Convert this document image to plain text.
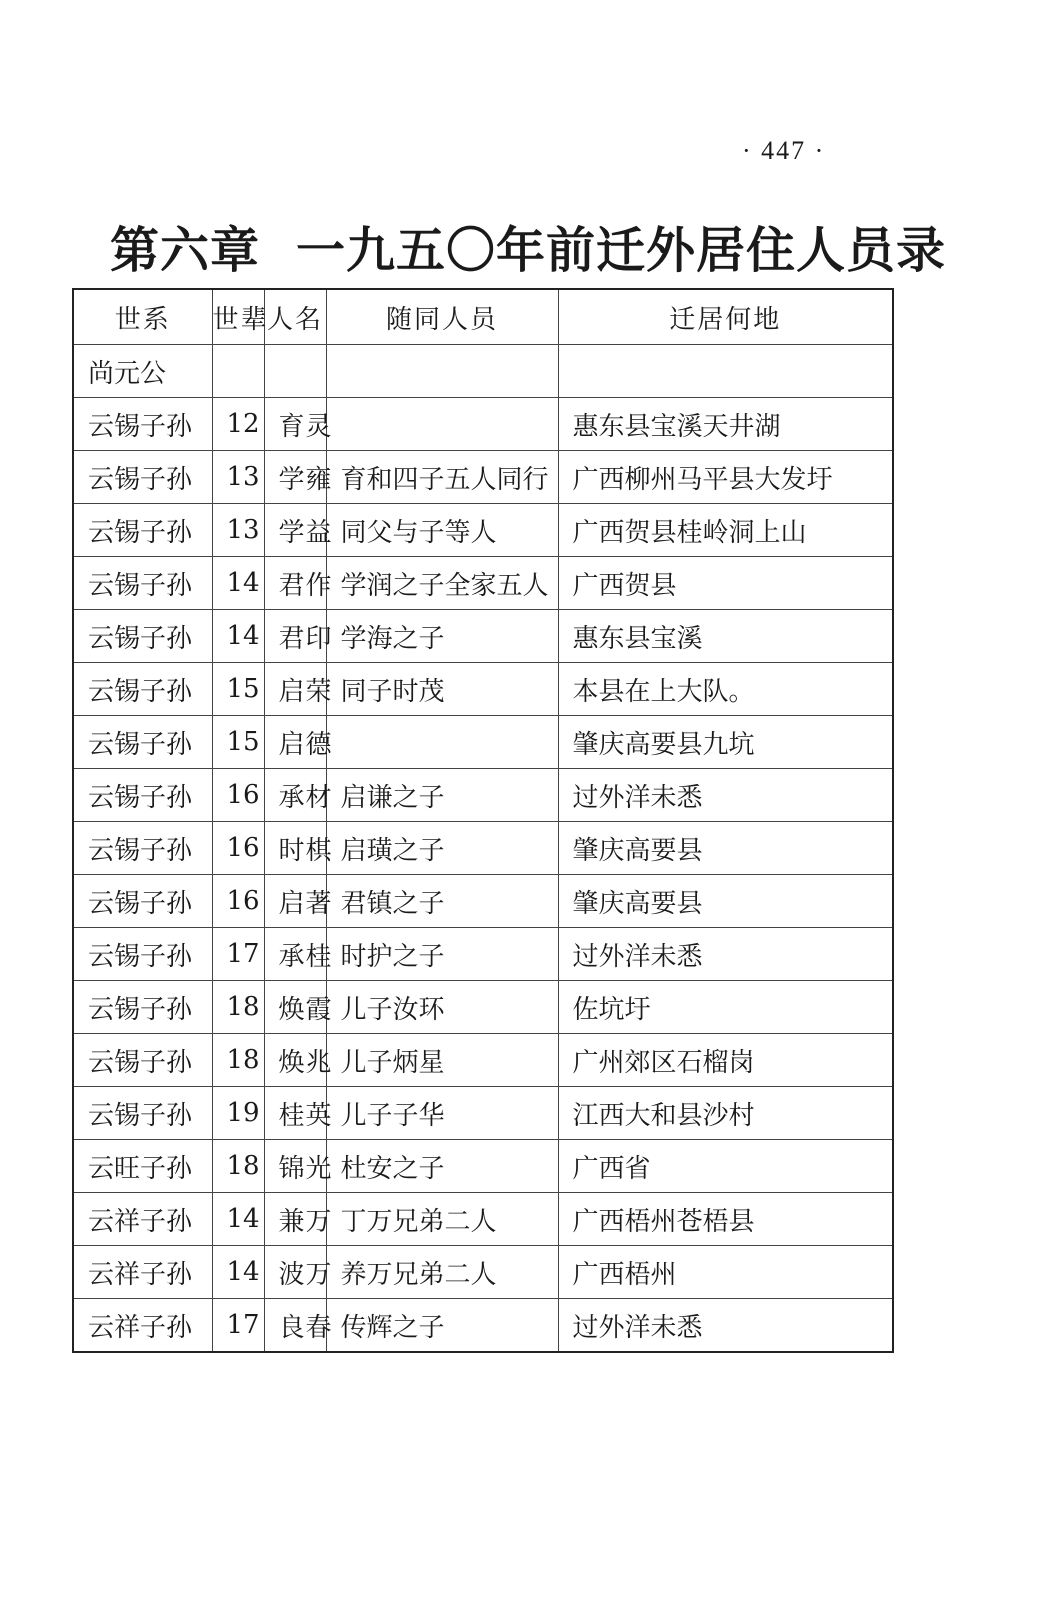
· 447 ·
第六章 一九五〇年前迁外居住人员录
世系	世辈	人名	随同人员	迁居何地
尚元公				
云锡子孙	12	育灵		惠东县宝溪天井湖
云锡子孙	13	学雍	育和四子五人同行	广西柳州马平县大发圩
云锡子孙	13	学益	同父与子等人	广西贺县桂岭洞上山
云锡子孙	14	君作	学润之子全家五人	广西贺县
云锡子孙	14	君印	学海之子	惠东县宝溪
云锡子孙	15	启荣	同子时茂	本县在上大队。
云锡子孙	15	启德		肇庆高要县九坑
云锡子孙	16	承材	启谦之子	过外洋未悉
云锡子孙	16	时棋	启璜之子	肇庆高要县
云锡子孙	16	启著	君镇之子	肇庆高要县
云锡子孙	17	承桂	时护之子	过外洋未悉
云锡子孙	18	焕霞	儿子汝环	佐坑圩
云锡子孙	18	焕兆	儿子炳星	广州郊区石榴岗
云锡子孙	19	桂英	儿子子华	江西大和县沙村
云旺子孙	18	锦光	杜安之子	广西省
云祥子孙	14	兼万	丁万兄弟二人	广西梧州苍梧县
云祥子孙	14	波万	养万兄弟二人	广西梧州
云祥子孙	17	良春	传辉之子	过外洋未悉
